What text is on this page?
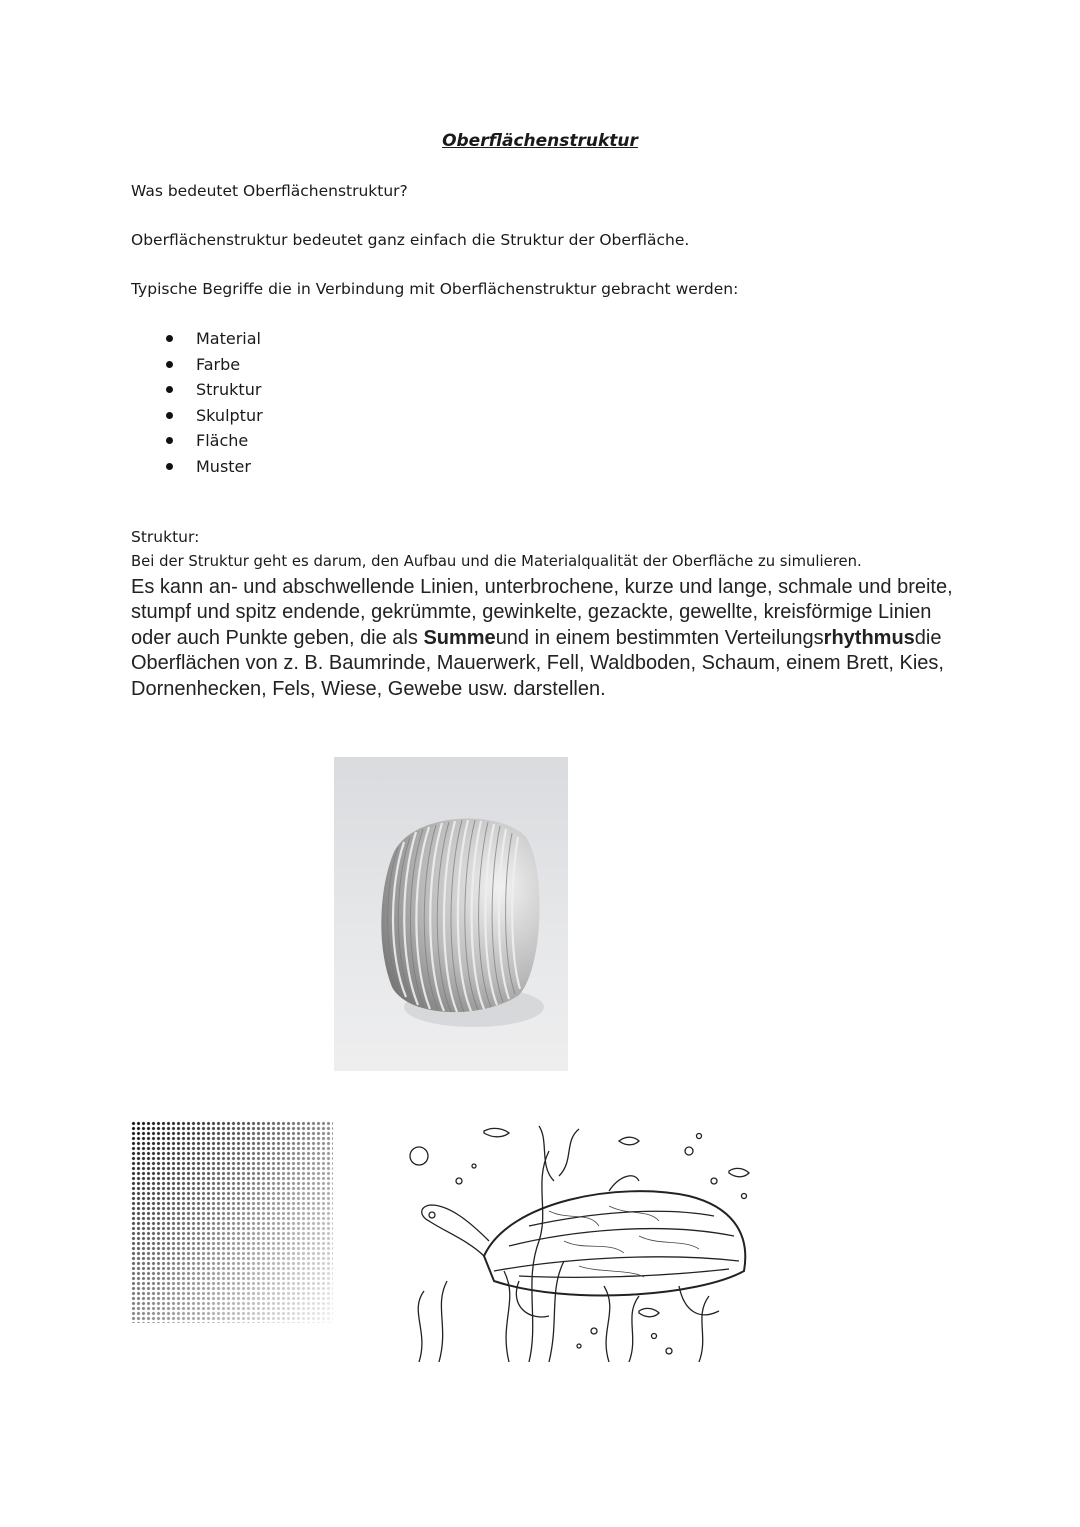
Oberflächenstruktur
Was bedeutet Oberflächenstruktur?
Oberflächenstruktur bedeutet ganz einfach die Struktur der Oberfläche.
Typische Begriffe die in Verbindung mit Oberflächenstruktur gebracht werden:
Material
Farbe
Struktur
Skulptur
Fläche
Muster
Struktur:
Bei der Struktur geht es darum, den Aufbau und die Materialqualität der Oberfläche zu simulieren.
Es kann an- und abschwellende Linien, unterbrochene, kurze und lange, schmale und breite, stumpf und spitz endende, gekrümmte, gewinkelte, gezackte, gewellte, kreisförmige Linien oder auch Punkte geben, die als Summeund in einem bestimmten Verteilungsrhythmusdie Oberflächen von z. B. Baumrinde, Mauerwerk, Fell, Waldboden, Schaum, einem Brett, Kies, Dornenhecken, Fels, Wiese, Gewebe usw. darstellen.
